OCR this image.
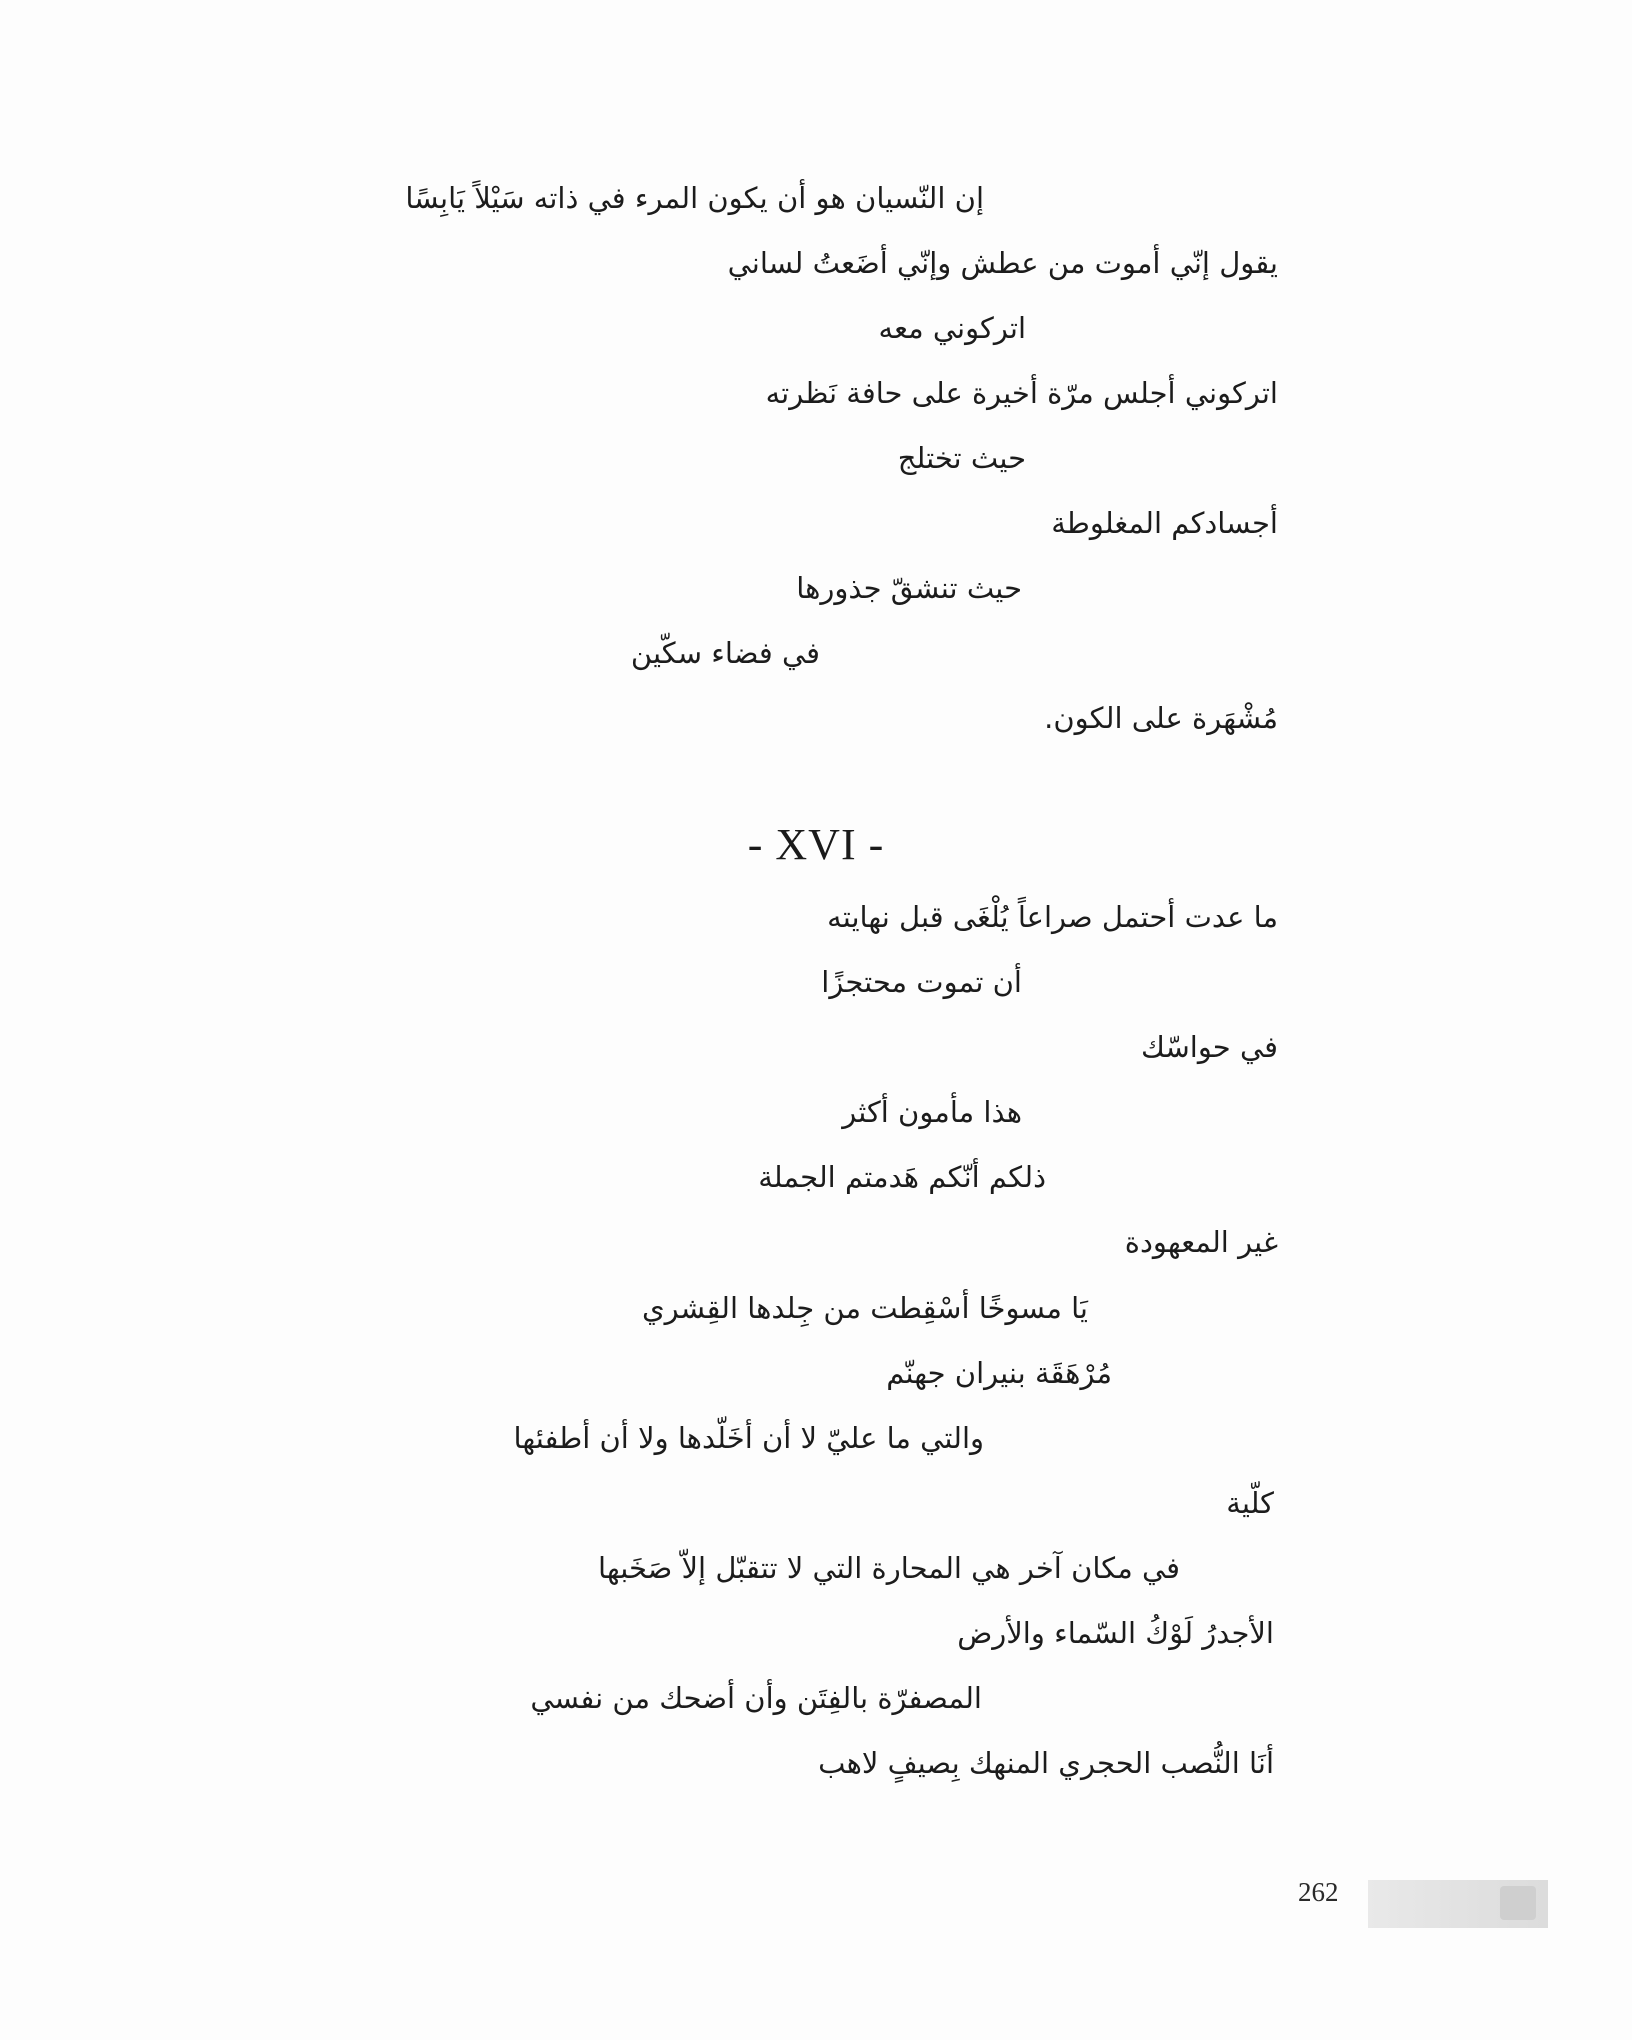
إن النّسيان هو أن يكون المرء في ذاته سَيْلاً يَابِسًا
يقول إنّي أموت من عطش وإنّي أضَعتُ لساني
اتركوني معه
اتركوني أجلس مرّة أخيرة على حافة نَظرته
حيث تختلج
أجسادكم المغلوطة
حيث تنشقّ جذورها
في فضاء سكّين
مُشْهَرة على الكون.
- XVI -
ما عدت أحتمل صراعاً يُلْغَى قبل نهايته
أن تموت محتجزًا
في حواسّك
هذا مأمون أكثر
ذلكم أنّكم هَدمتم الجملة
غير المعهودة
يَا مسوخًا أسْقِطت من جِلدها القِشري
مُرْهَقَة بنيران جهنّم
والتي ما عليّ لا أن أخَلّدها ولا أن أطفئها
كلّية
في مكان آخر هي المحارة التي لا تتقبّل إلاّ صَخَبها
الأجدرُ لَوْكُ السّماء والأرض
المصفرّة بالفِتَن وأن أضحك من نفسي
أنَا النُّصب الحجري المنهك بِصيفٍ لاهب
262
